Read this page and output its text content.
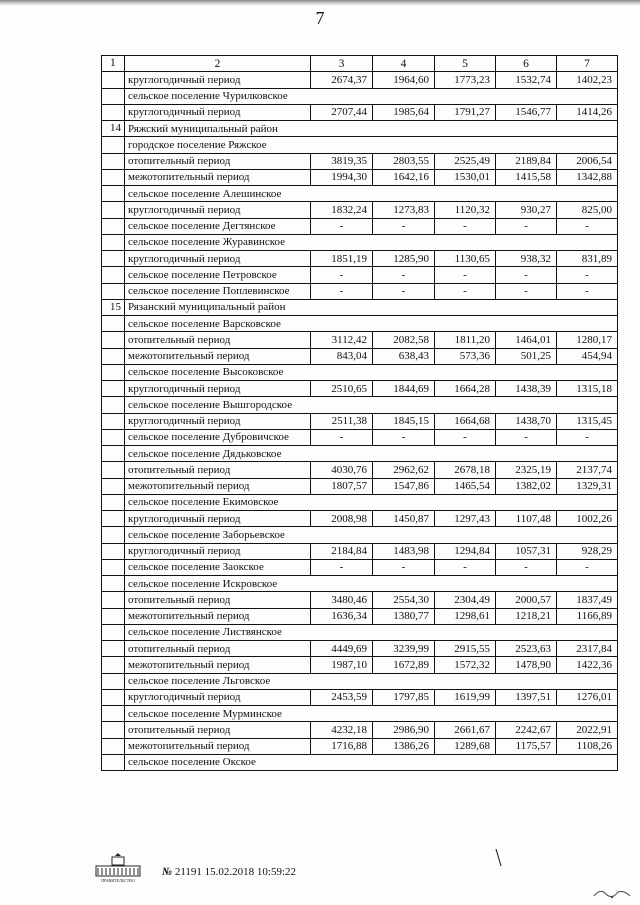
7
1	2	3	4	5	6	7
	круглогодичный период	2674,37	1964,60	1773,23	1532,74	1402,23
	сельское поселение Чурилковское					
	круглогодичный период	2707,44	1985,64	1791,27	1546,77	1414,26
14	Ряжский муниципальный район					
	городское поселение Ряжское					
	отопительный период	3819,35	2803,55	2525,49	2189,84	2006,54
	межотопительный период	1994,30	1642,16	1530,01	1415,58	1342,88
	сельское поселение Алешинское					
	круглогодичный период	1832,24	1273,83	1120,32	930,27	825,00
	сельское поселение Дегтянское	-	-	-	-	-
	сельское поселение Журавинское					
	круглогодичный период	1851,19	1285,90	1130,65	938,32	831,89
	сельское поселение Петровское	-	-	-	-	-
	сельское поселение Поплевинское	-	-	-	-	-
15	Рязанский муниципальный район					
	сельское поселение Варсковское					
	отопительный период	3112,42	2082,58	1811,20	1464,01	1280,17
	межотопительный период	843,04	638,43	573,36	501,25	454,94
	сельское поселение Высоковское					
	круглогодичный период	2510,65	1844,69	1664,28	1438,39	1315,18
	сельское поселение Вышгородское					
	круглогодичный период	2511,38	1845,15	1664,68	1438,70	1315,45
	сельское поселение Дубровичское	-	-	-	-	-
	сельское поселение Дядьковское					
	отопительный период	4030,76	2962,62	2678,18	2325,19	2137,74
	межотопительный период	1807,57	1547,86	1465,54	1382,02	1329,31
	сельское поселение Екимовское					
	круглогодичный период	2008,98	1450,87	1297,43	1107,48	1002,26
	сельское поселение Заборьевское					
	круглогодичный период	2184,84	1483,98	1294,84	1057,31	928,29
	сельское поселение Заокское	-	-	-	-	-
	сельское поселение Искровское					
	отопительный период	3480,46	2554,30	2304,49	2000,57	1837,49
	межотопительный период	1636,34	1380,77	1298,61	1218,21	1166,89
	сельское поселение Листвянское					
	отопительный период	4449,69	3239,99	2915,55	2523,63	2317,84
	межотопительный период	1987,10	1672,89	1572,32	1478,90	1422,36
	сельское поселение Льговское					
	круглогодичный период	2453,59	1797,85	1619,99	1397,51	1276,01
	сельское поселение Мурминское					
	отопительный период	4232,18	2986,90	2661,67	2242,67	2022,91
	межотопительный период	1716,88	1386,26	1289,68	1175,57	1108,26
	сельское поселение Окское					
ПРАВИТЕЛЬСТВО
№ 21191 15.02.2018 10:59:22
